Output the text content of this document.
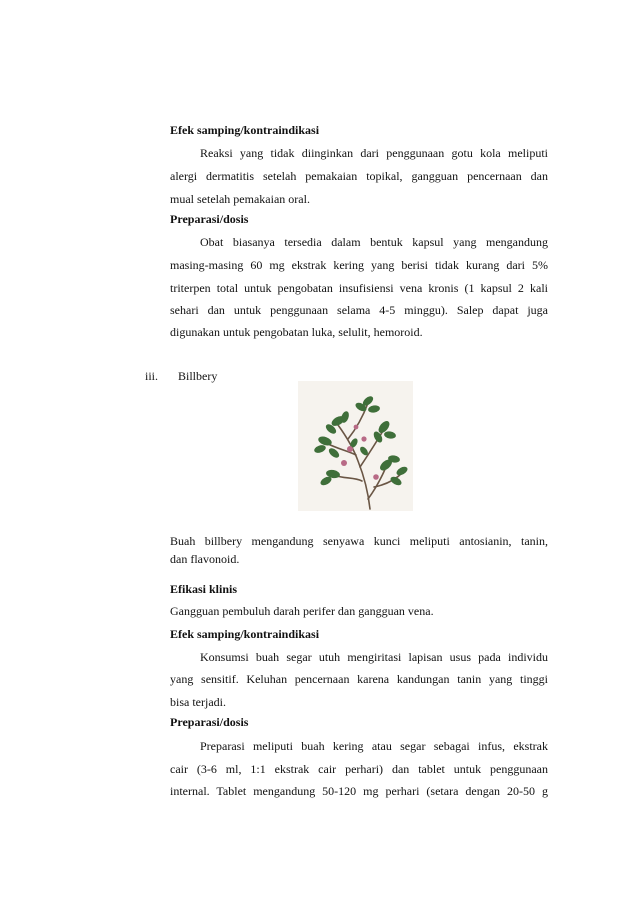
Efek samping/kontraindikasi
Reaksi yang tidak diinginkan dari penggunaan gotu kola meliputi
alergi dermatitis setelah pemakaian topikal, gangguan pencernaan dan
mual setelah pemakaian oral.
Preparasi/dosis
Obat biasanya tersedia dalam bentuk kapsul yang mengandung
masing-masing 60 mg ekstrak kering yang berisi tidak kurang dari 5%
triterpen total untuk pengobatan insufisiensi vena kronis (1 kapsul 2 kali
sehari dan untuk penggunaan selama 4-5 minggu). Salep dapat juga
digunakan untuk pengobatan luka, selulit, hemoroid.
iii. Billbery
Buah billbery mengandung senyawa kunci meliputi antosianin, tanin,
dan flavonoid.
Efikasi klinis
Gangguan pembuluh darah perifer dan gangguan vena.
Efek samping/kontraindikasi
Konsumsi buah segar utuh mengiritasi lapisan usus pada individu
yang sensitif. Keluhan pencernaan karena kandungan tanin yang tinggi
bisa terjadi.
Preparasi/dosis
Preparasi meliputi buah kering atau segar sebagai infus, ekstrak
cair (3-6 ml, 1:1 ekstrak cair perhari) dan tablet untuk penggunaan
internal. Tablet mengandung 50-120 mg perhari (setara dengan 20-50 g
